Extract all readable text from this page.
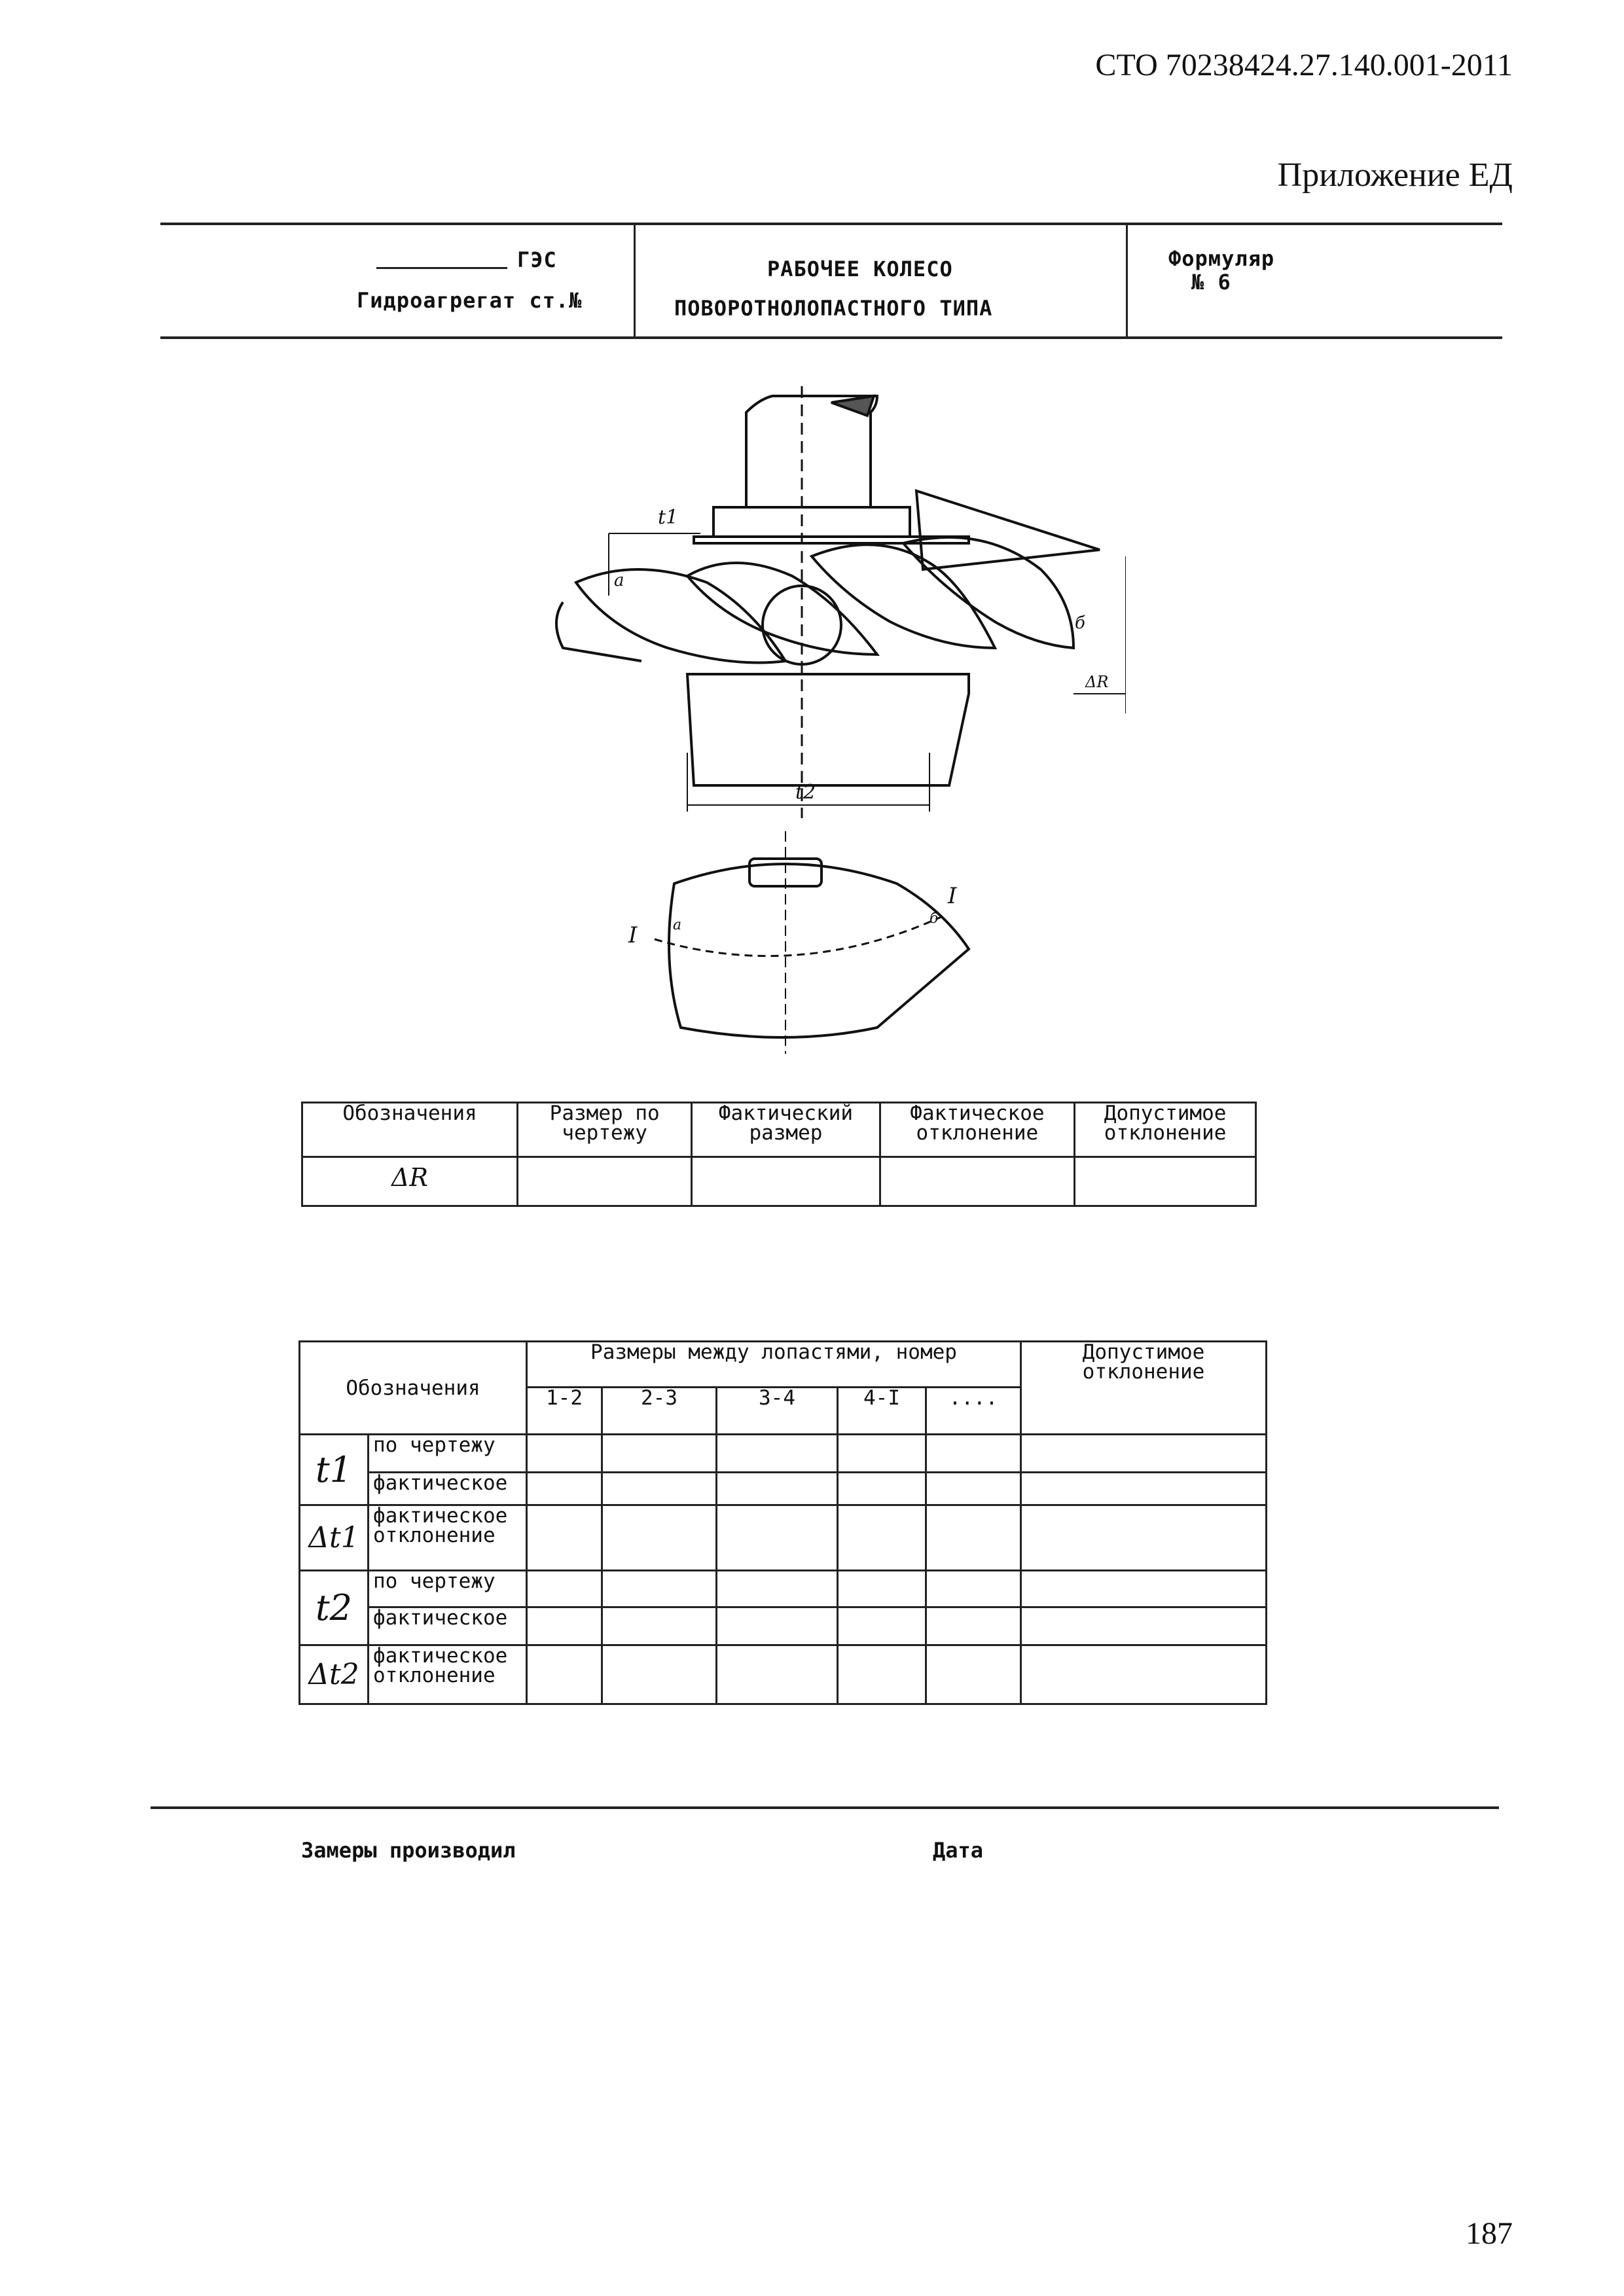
СТО 70238424.27.140.001-2011
Приложение ЕД
ГЭС
Гидроагрегат ст.№
РАБОЧЕЕ КОЛЕСО
ПОВОРОТНОЛОПАСТНОГО ТИПА
Формуляр
№ 6
t1
t2
а
б
ΔR
I
I
а	б
Обозначения	Размер по чертежу	Фактический размер	Фактическое отклонение	Допустимое отклонение
ΔR				
Обозначения		Размеры между лопастями, номер					Допустимое отклонение
		1-2	2-3	3-4	4-I	....	
t1	по чертежу						
	фактическое						
Δt1	фактическое отклонение						
t2	по чертежу						
	фактическое						
Δt2	фактическое отклонение						
Замеры производил	Дата
187
